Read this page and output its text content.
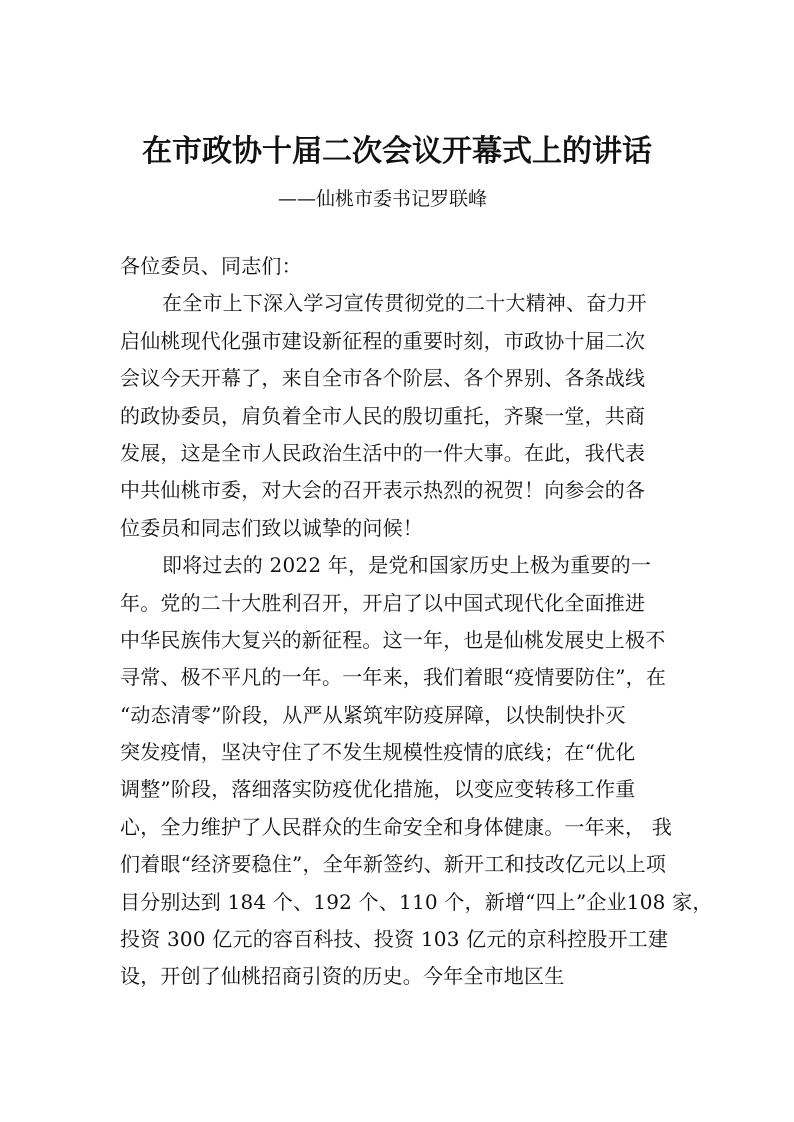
在市政协十届二次会议开幕式上的讲话
——仙桃市委书记罗联峰
各位委员、同志们：
在全市上下深入学习宣传贯彻党的二十大精神、奋力开
启仙桃现代化强市建设新征程的重要时刻，市政协十届二次
会议今天开幕了，来自全市各个阶层、各个界别、各条战线
的政协委员，肩负着全市人民的殷切重托，齐聚一堂，共商
发展，这是全市人民政治生活中的一件大事。在此，我代表
中共仙桃市委，对大会的召开表示热烈的祝贺！向参会的各
位委员和同志们致以诚挚的问候！
即将过去的 2022 年，是党和国家历史上极为重要的一
年。党的二十大胜利召开，开启了以中国式现代化全面推进
中华民族伟大复兴的新征程。这一年，也是仙桃发展史上极不
寻常、极不平凡的一年。一年来，我们着眼“疫情要防住”，在
“动态清零”阶段，从严从紧筑牢防疫屏障，以快制快扑灭
突发疫情，坚决守住了不发生规模性疫情的底线；在“优化
调整”阶段，落细落实防疫优化措施，以变应变转移工作重
心，全力维护了人民群众的生命安全和身体健康。一年来， 我
们着眼“经济要稳住”，全年新签约、新开工和技改亿元以上项
目分别达到 184 个、192 个、110 个，新增“四上”企业108 家，
投资 300 亿元的容百科技、投资 103 亿元的京科控股开工建
设，开创了仙桃招商引资的历史。今年全市地区生
